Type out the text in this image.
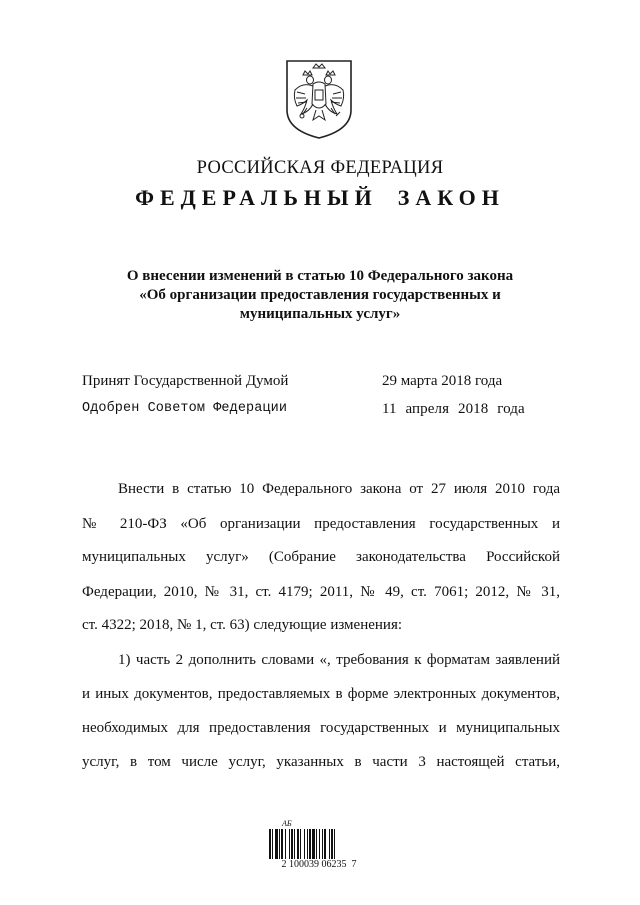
РОССИЙСКАЯ ФЕДЕРАЦИЯ
ФЕДЕРАЛЬНЫЙ ЗАКОН
О внесении изменений в статью 10 Федерального закона
«Об организации предоставления государственных и
муниципальных услуг»
Принят Государственной Думой	29 марта 2018 года
Одобрен Советом Федерации	11 апреля 2018 года
Внести в статью 10 Федерального закона от 27 июля 2010 года
№ 210-ФЗ «Об организации предоставления государственных и
муниципальных услуг» (Собрание законодательства Российской
Федерации, 2010, № 31, ст. 4179; 2011, № 49, ст. 7061; 2012, № 31,
ст. 4322; 2018, № 1, ст. 63) следующие изменения:
1) часть 2 дополнить словами «, требования к форматам заявлений
и иных документов, предоставляемых в форме электронных документов,
необходимых для предоставления государственных и муниципальных
услуг, в том числе услуг, указанных в части 3 настоящей статьи,
АБ
2 100039 06235  7
